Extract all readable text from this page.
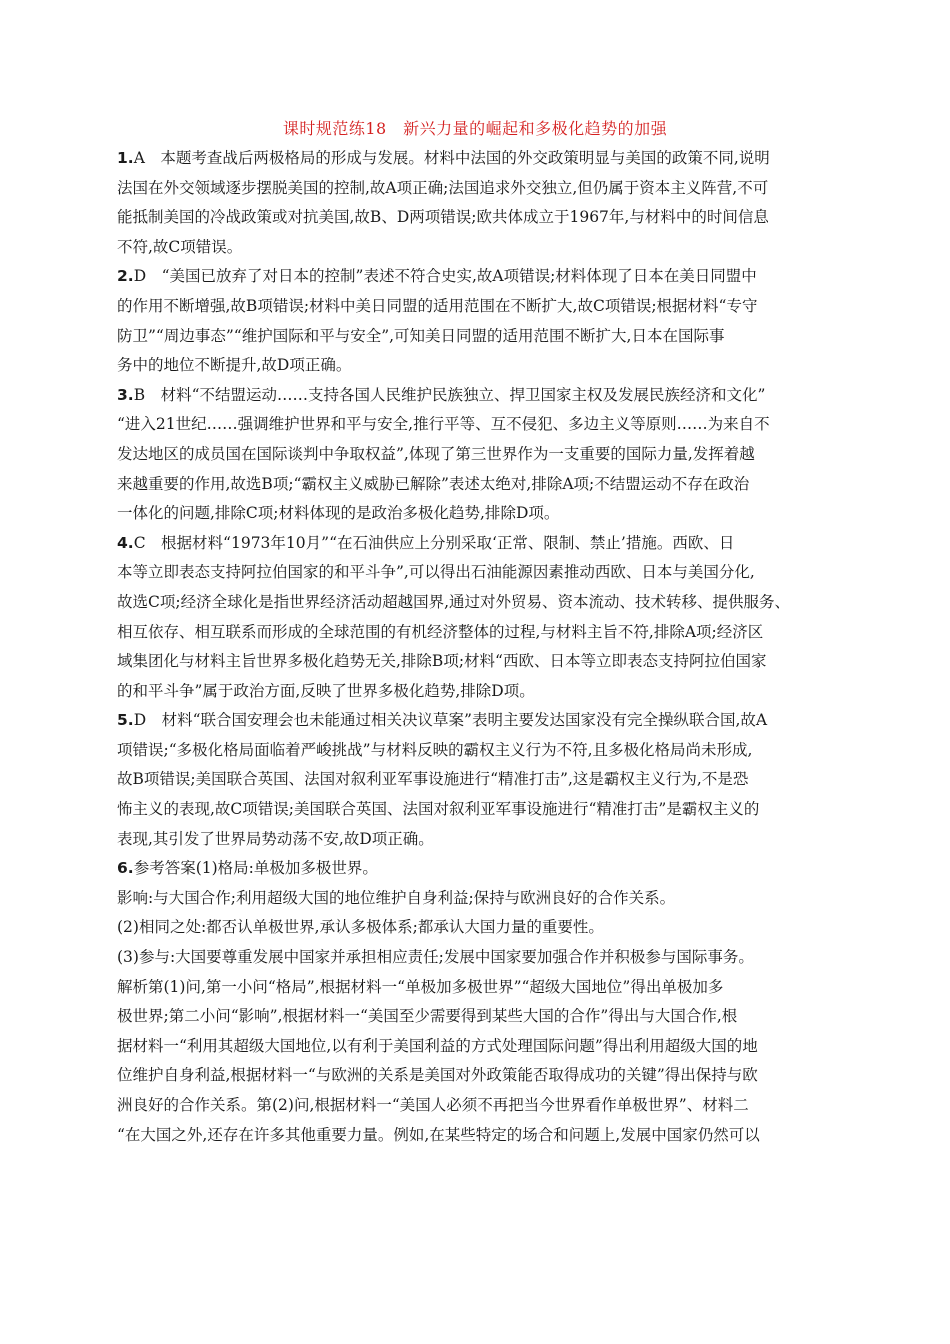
课时规范练18　新兴力量的崛起和多极化趋势的加强
1.A　本题考查战后两极格局的形成与发展。材料中法国的外交政策明显与美国的政策不同,说明
法国在外交领域逐步摆脱美国的控制,故A项正确;法国追求外交独立,但仍属于资本主义阵营,不可
能抵制美国的冷战政策或对抗美国,故B、D两项错误;欧共体成立于1967年,与材料中的时间信息
不符,故C项错误。
2.D　“美国已放弃了对日本的控制”表述不符合史实,故A项错误;材料体现了日本在美日同盟中
的作用不断增强,故B项错误;材料中美日同盟的适用范围在不断扩大,故C项错误;根据材料“专守
防卫”“周边事态”“维护国际和平与安全”,可知美日同盟的适用范围不断扩大,日本在国际事
务中的地位不断提升,故D项正确。
3.B　材料“不结盟运动……支持各国人民维护民族独立、捍卫国家主权及发展民族经济和文化”
“进入21世纪……强调维护世界和平与安全,推行平等、互不侵犯、多边主义等原则……为来自不
发达地区的成员国在国际谈判中争取权益”,体现了第三世界作为一支重要的国际力量,发挥着越
来越重要的作用,故选B项;“霸权主义威胁已解除”表述太绝对,排除A项;不结盟运动不存在政治
一体化的问题,排除C项;材料体现的是政治多极化趋势,排除D项。
4.C　根据材料“1973年10月”“在石油供应上分别采取‘正常、限制、禁止’措施。西欧、日
本等立即表态支持阿拉伯国家的和平斗争”,可以得出石油能源因素推动西欧、日本与美国分化,
故选C项;经济全球化是指世界经济活动超越国界,通过对外贸易、资本流动、技术转移、提供服务、
相互依存、相互联系而形成的全球范围的有机经济整体的过程,与材料主旨不符,排除A项;经济区
域集团化与材料主旨世界多极化趋势无关,排除B项;材料“西欧、日本等立即表态支持阿拉伯国家
的和平斗争”属于政治方面,反映了世界多极化趋势,排除D项。
5.D　材料“联合国安理会也未能通过相关决议草案”表明主要发达国家没有完全操纵联合国,故A
项错误;“多极化格局面临着严峻挑战”与材料反映的霸权主义行为不符,且多极化格局尚未形成,
故B项错误;美国联合英国、法国对叙利亚军事设施进行“精准打击”,这是霸权主义行为,不是恐
怖主义的表现,故C项错误;美国联合英国、法国对叙利亚军事设施进行“精准打击”是霸权主义的
表现,其引发了世界局势动荡不安,故D项正确。
6.参考答案(1)格局:单极加多极世界。
影响:与大国合作;利用超级大国的地位维护自身利益;保持与欧洲良好的合作关系。
(2)相同之处:都否认单极世界,承认多极体系;都承认大国力量的重要性。
(3)参与:大国要尊重发展中国家并承担相应责任;发展中国家要加强合作并积极参与国际事务。
解析第(1)问,第一小问“格局”,根据材料一“单极加多极世界”“超级大国地位”得出单极加多
极世界;第二小问“影响”,根据材料一“美国至少需要得到某些大国的合作”得出与大国合作,根
据材料一“利用其超级大国地位,以有利于美国利益的方式处理国际问题”得出利用超级大国的地
位维护自身利益,根据材料一“与欧洲的关系是美国对外政策能否取得成功的关键”得出保持与欧
洲良好的合作关系。第(2)问,根据材料一“美国人必须不再把当今世界看作单极世界”、材料二
“在大国之外,还存在许多其他重要力量。例如,在某些特定的场合和问题上,发展中国家仍然可以
